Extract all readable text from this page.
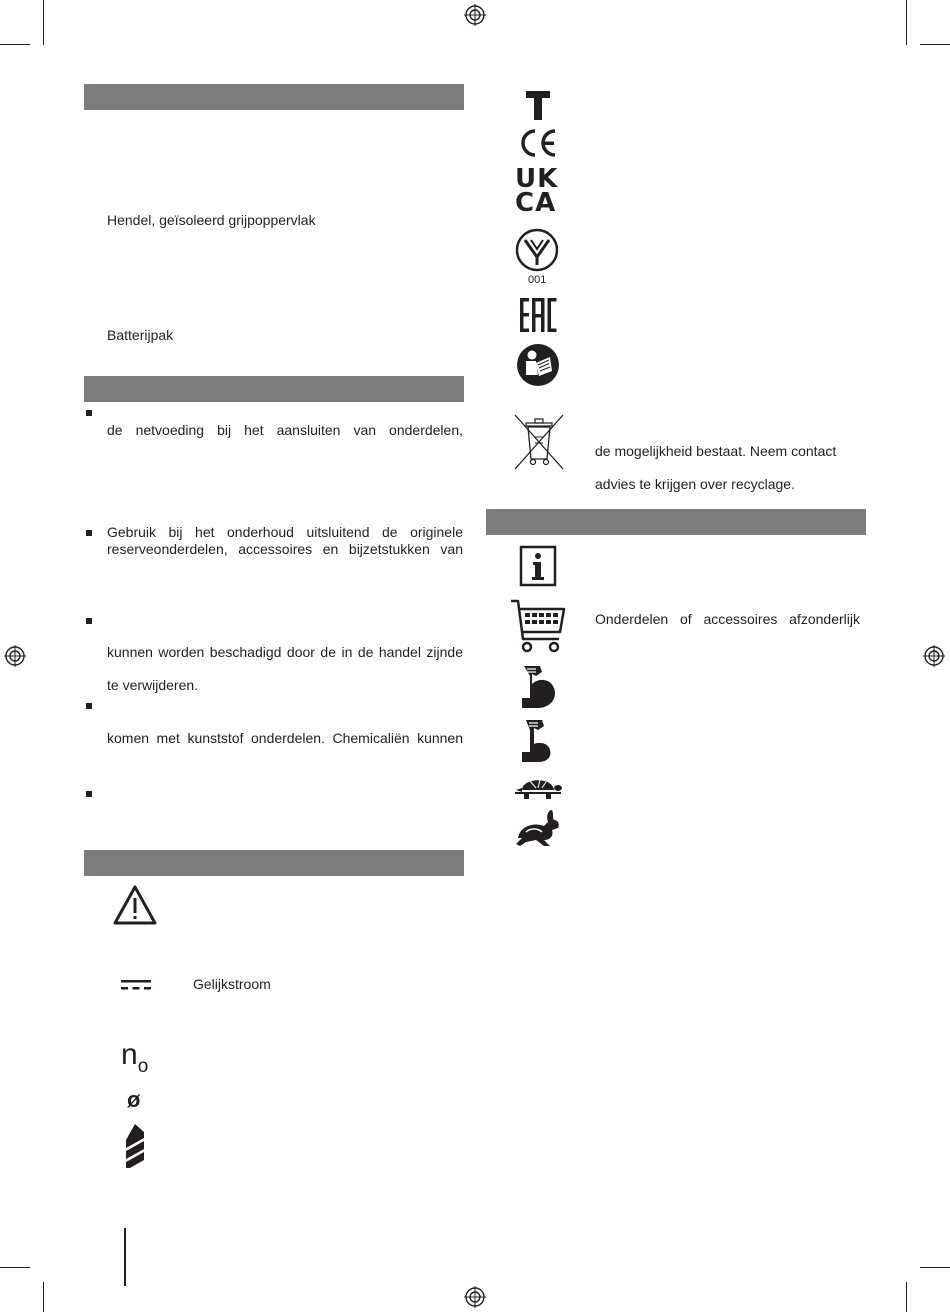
Hendel, geïsoleerd grijpoppervlak
Batterijpak
de netvoeding bij het aansluiten van onderdelen,
Gebruik bij het onderhoud uitsluitend de originele
reserveonderdelen, accessoires en bijzetstukken van
kunnen worden beschadigd door de in de handel zijnde
te verwijderen.
komen met kunststof onderdelen. Chemicaliën kunnen
Gelijkstroom
$n_o$
ø
UK
CA
001
de mogelijkheid bestaat. Neem contact
advies te krijgen over recyclage.
Onderdelen of accessoires afzonderlijk
